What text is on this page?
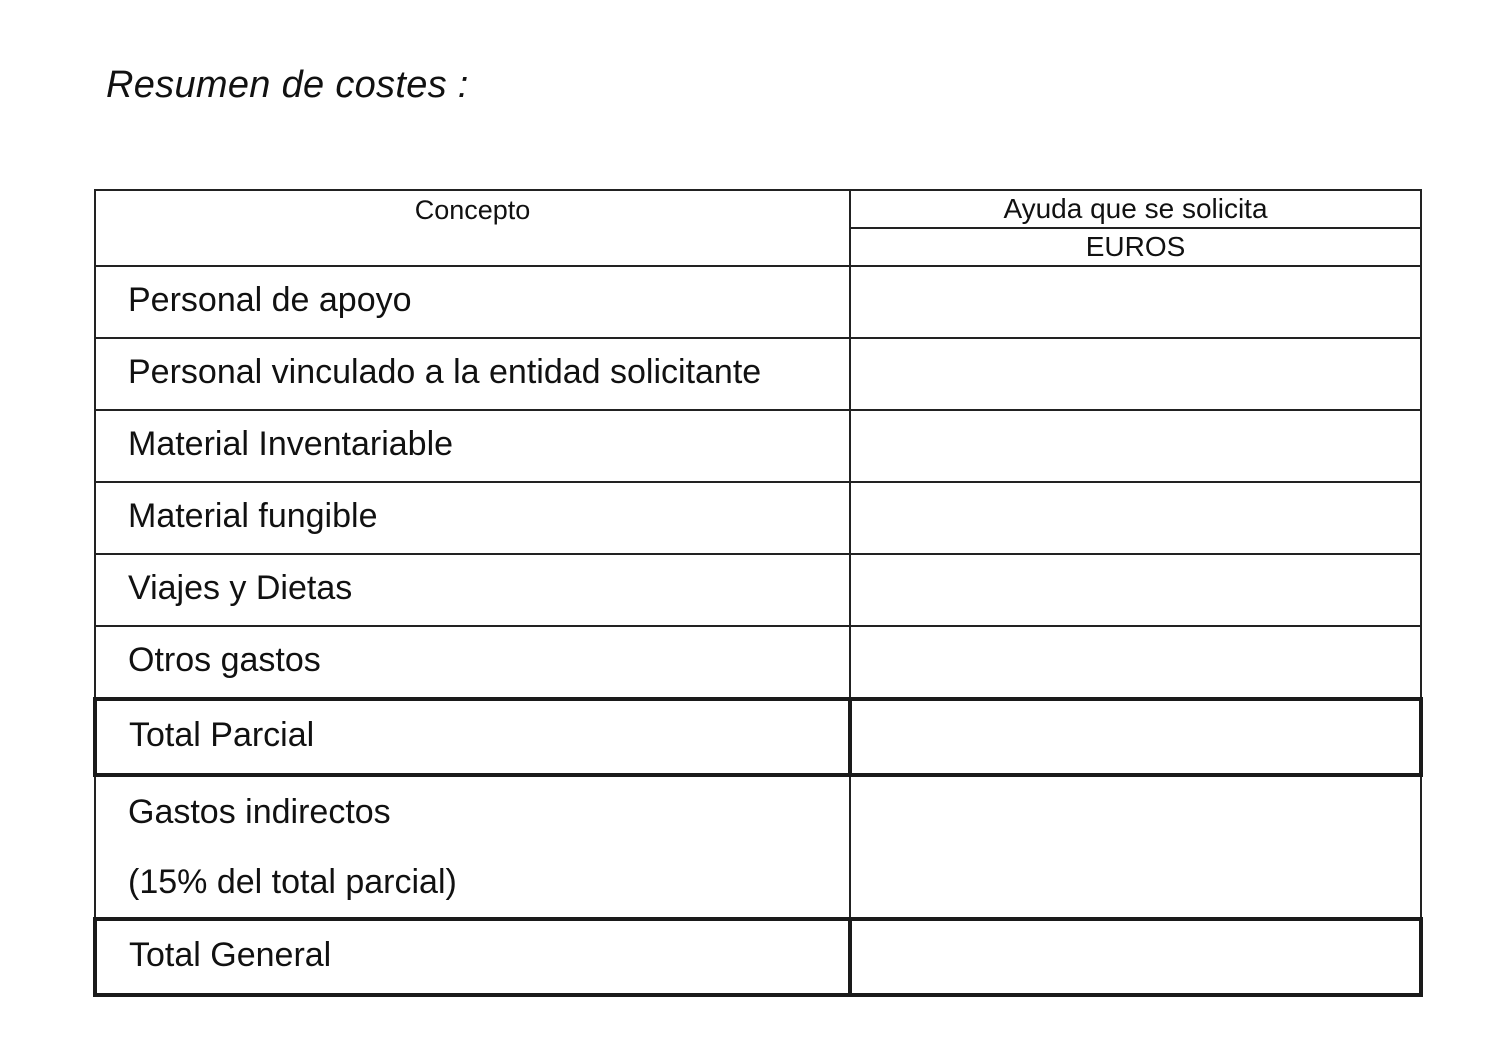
Resumen de costes :
Concepto	Ayuda que se solicita
EUROS

Personal de apoyo	

Personal vinculado a la entidad solicitante	

Material Inventariable	

Material fungible	

Viajes y Dietas	

Otros gastos	

Total Parcial	

Gastos indirectos
(15% del total parcial)	

Total General	
